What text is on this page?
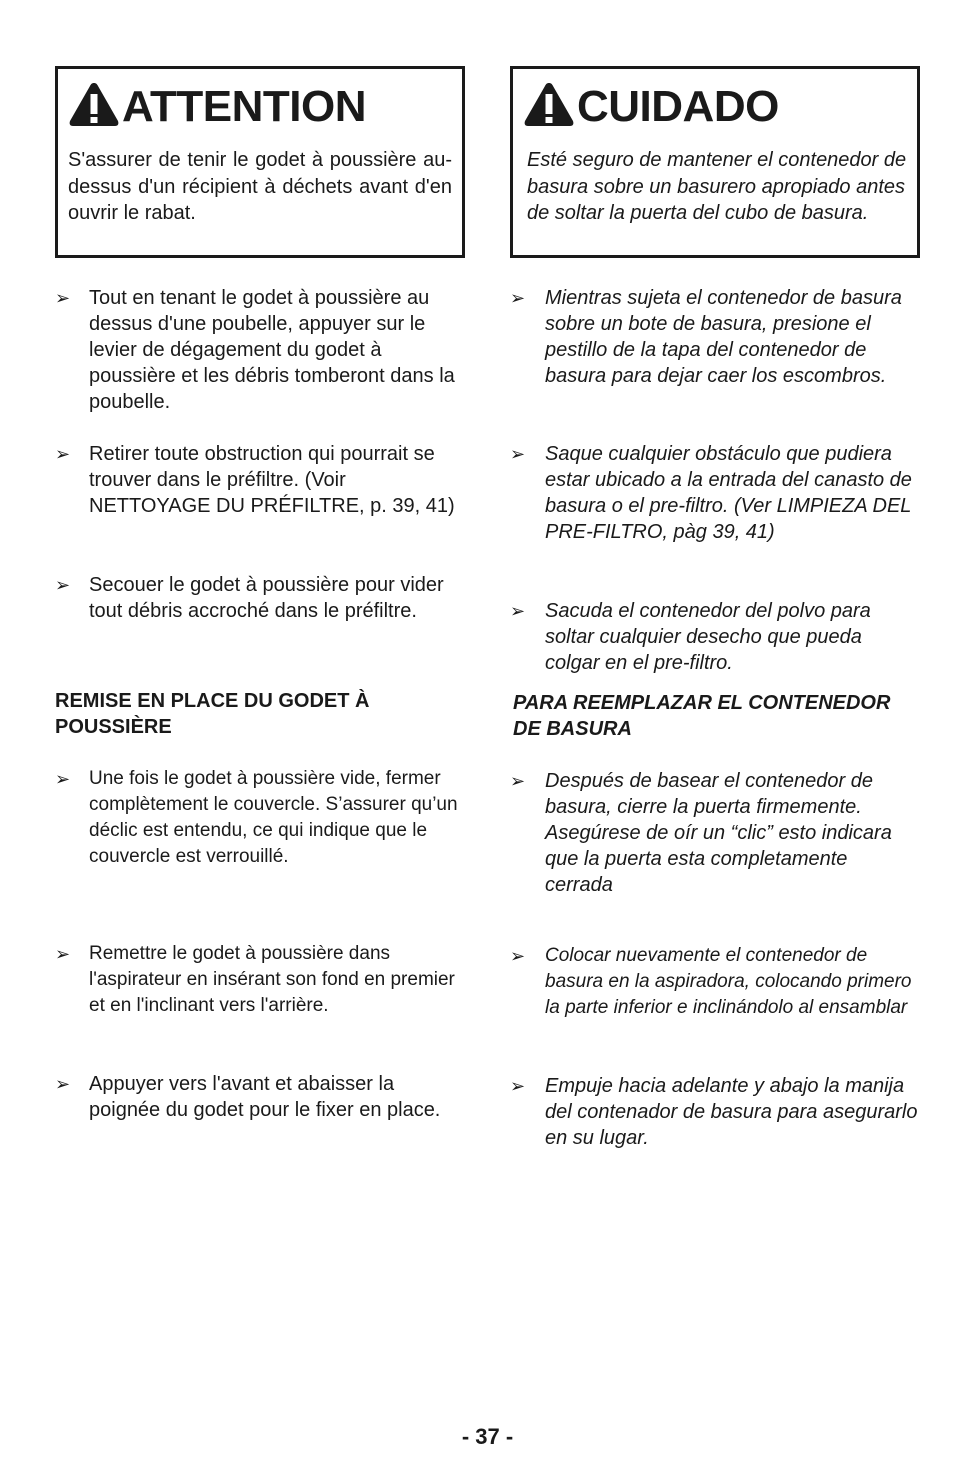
ATTENTION
S'assurer de tenir le godet à poussière au-dessus d'un récipient à déchets avant d'en ouvrir le rabat.
➢ Tout en tenant le godet à poussière au dessus d'une poubelle, appuyer sur le levier de dégagement du godet à poussière et les débris tomberont dans la poubelle.
➢ Retirer toute obstruction qui pourrait se trouver dans le préfiltre. (Voir NETTOYAGE DU PRÉFILTRE, p. 39, 41)
➢ Secouer le godet à poussière pour vider tout débris accroché dans le préfiltre.
REMISE EN PLACE DU GODET À POUSSIÈRE
➢ Une fois le godet à poussière vide, fermer complètement le couvercle. S’assurer qu’un déclic est entendu, ce qui indique que le couvercle est verrouillé.
➢ Remettre le godet à poussière dans l'aspirateur en insérant son fond en premier et en l'inclinant vers l'arrière.
➢ Appuyer vers l'avant et abaisser la poignée du godet pour le fixer en place.
CUIDADO
Esté seguro de mantener el contenedor de basura sobre un basurero apropiado antes de soltar la puerta del cubo de basura.
➢ Mientras sujeta el contenedor de basura sobre un bote de basura, presione el pestillo de la tapa del contenedor de basura para dejar caer los escombros.
➢ Saque cualquier obstáculo que pudiera estar ubicado a la entrada del canasto de basura o el pre-filtro. (Ver LIMPIEZA DEL PRE-FILTRO, pàg 39, 41)
➢ Sacuda el contenedor del polvo para soltar cualquier desecho que pueda colgar en el pre-filtro.
PARA REEMPLAZAR EL CONTENEDOR DE BASURA
➢ Después de basear el contenedor de basura, cierre la puerta firmemente. Asegúrese de oír un “clic” esto indicara que la puerta esta completamente cerrada
➢ Colocar nuevamente el contenedor de basura en la aspiradora, colocando primero la parte inferior e inclinándolo al ensamblar
➢ Empuje hacia adelante y abajo la manija del contenador de basura para asegurarlo en su lugar.
- 37 -
